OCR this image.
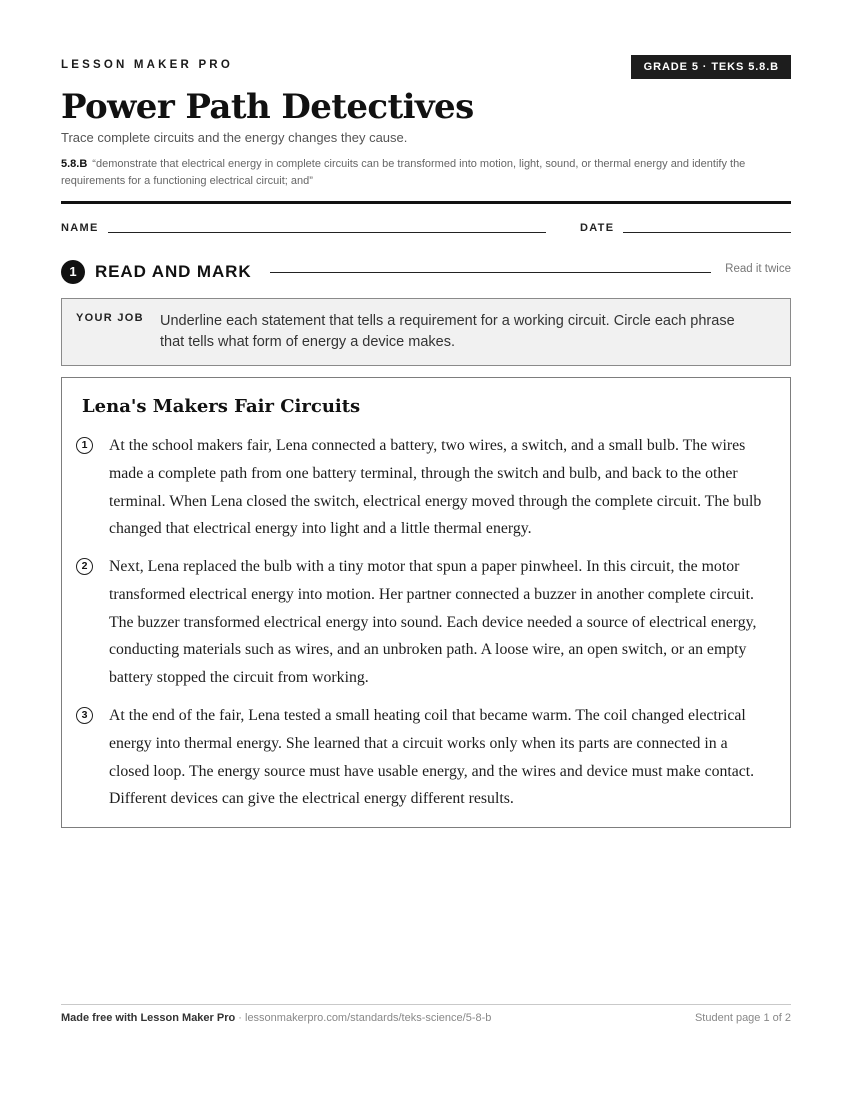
LESSON MAKER PRO	GRADE 5 · TEKS 5.8.B
Power Path Detectives
Trace complete circuits and the energy changes they cause.
5.8.B “demonstrate that electrical energy in complete circuits can be transformed into motion, light, sound, or thermal energy and identify the requirements for a functioning electrical circuit; and”
NAME	DATE
1	READ AND MARK	Read it twice
YOUR JOB Underline each statement that tells a requirement for a working circuit. Circle each phrase that tells what form of energy a device makes.
Lena's Makers Fair Circuits
1	At the school makers fair, Lena connected a battery, two wires, a switch, and a small bulb. The wires made a complete path from one battery terminal, through the switch and bulb, and back to the other terminal. When Lena closed the switch, electrical energy moved through the complete circuit. The bulb changed that electrical energy into light and a little thermal energy.

2	Next, Lena replaced the bulb with a tiny motor that spun a paper pinwheel. In this circuit, the motor transformed electrical energy into motion. Her partner connected a buzzer in another complete circuit. The buzzer transformed electrical energy into sound. Each device needed a source of electrical energy, conducting materials such as wires, and an unbroken path. A loose wire, an open switch, or an empty battery stopped the circuit from working.

3	At the end of the fair, Lena tested a small heating coil that became warm. The coil changed electrical energy into thermal energy. She learned that a circuit works only when its parts are connected in a closed loop. The energy source must have usable energy, and the wires and device must make contact. Different devices can give the electrical energy different results.

Made free with Lesson Maker Pro · lessonmakerpro.com/standards/teks-science/5-8-b	Student page 1 of 2
